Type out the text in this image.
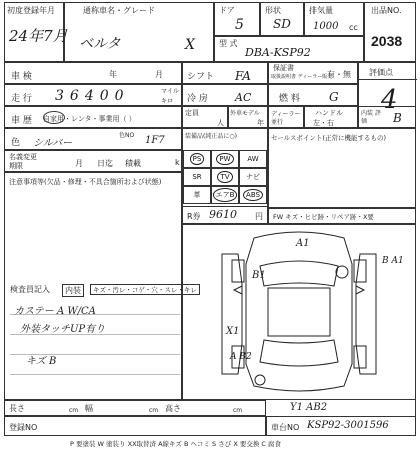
初度登録年月
24年7月
通称車名・グレード
ベルタ	X
ドア
5
形状
SD
排気量
1000 cc
型 式
DBA-KSP92
出品NO.
2038
車 検	年	月	シフト FA
保証書
取扱説明書 ディーラー販売
有・無 評価点
4
走 行 36400	マイル
キロ 冷 房 AC	燃 料 G
車 歴 自家用・レンタ・事業用（ ）
定員
人
外車モデル
年
ディーラー 並行
ハンドル
左・右
内装 評価	B
色 シルバー
色NO 1F7
名義変更 期限	月 日迄 積載	k
注意事項等(欠品・修理・不具合箇所および状態)
装備品(純正品に○)
PS	PW	AW
SR	TV	ナビ
革	エアB	ABS
R券 9610 円
セールスポイント(正常に機能するもの)
FW キズ・ヒビ跡・リペア跡・X要
A1
B1
B A1
X1
A B2
Y1 AB2
検査員記入	内装	キズ・汚レ・コゲ・穴・スレ・キレ
カステー A W/CA
外装タッチUP有り
キズ B
長さ	cm 幅	cm 高さ	cm
登録NO	車台NO KSP92-3001596
P 要塗装 W 塗装り XX取替済 A線キズ B ヘコミ S さび X 要交換 C 腐食
